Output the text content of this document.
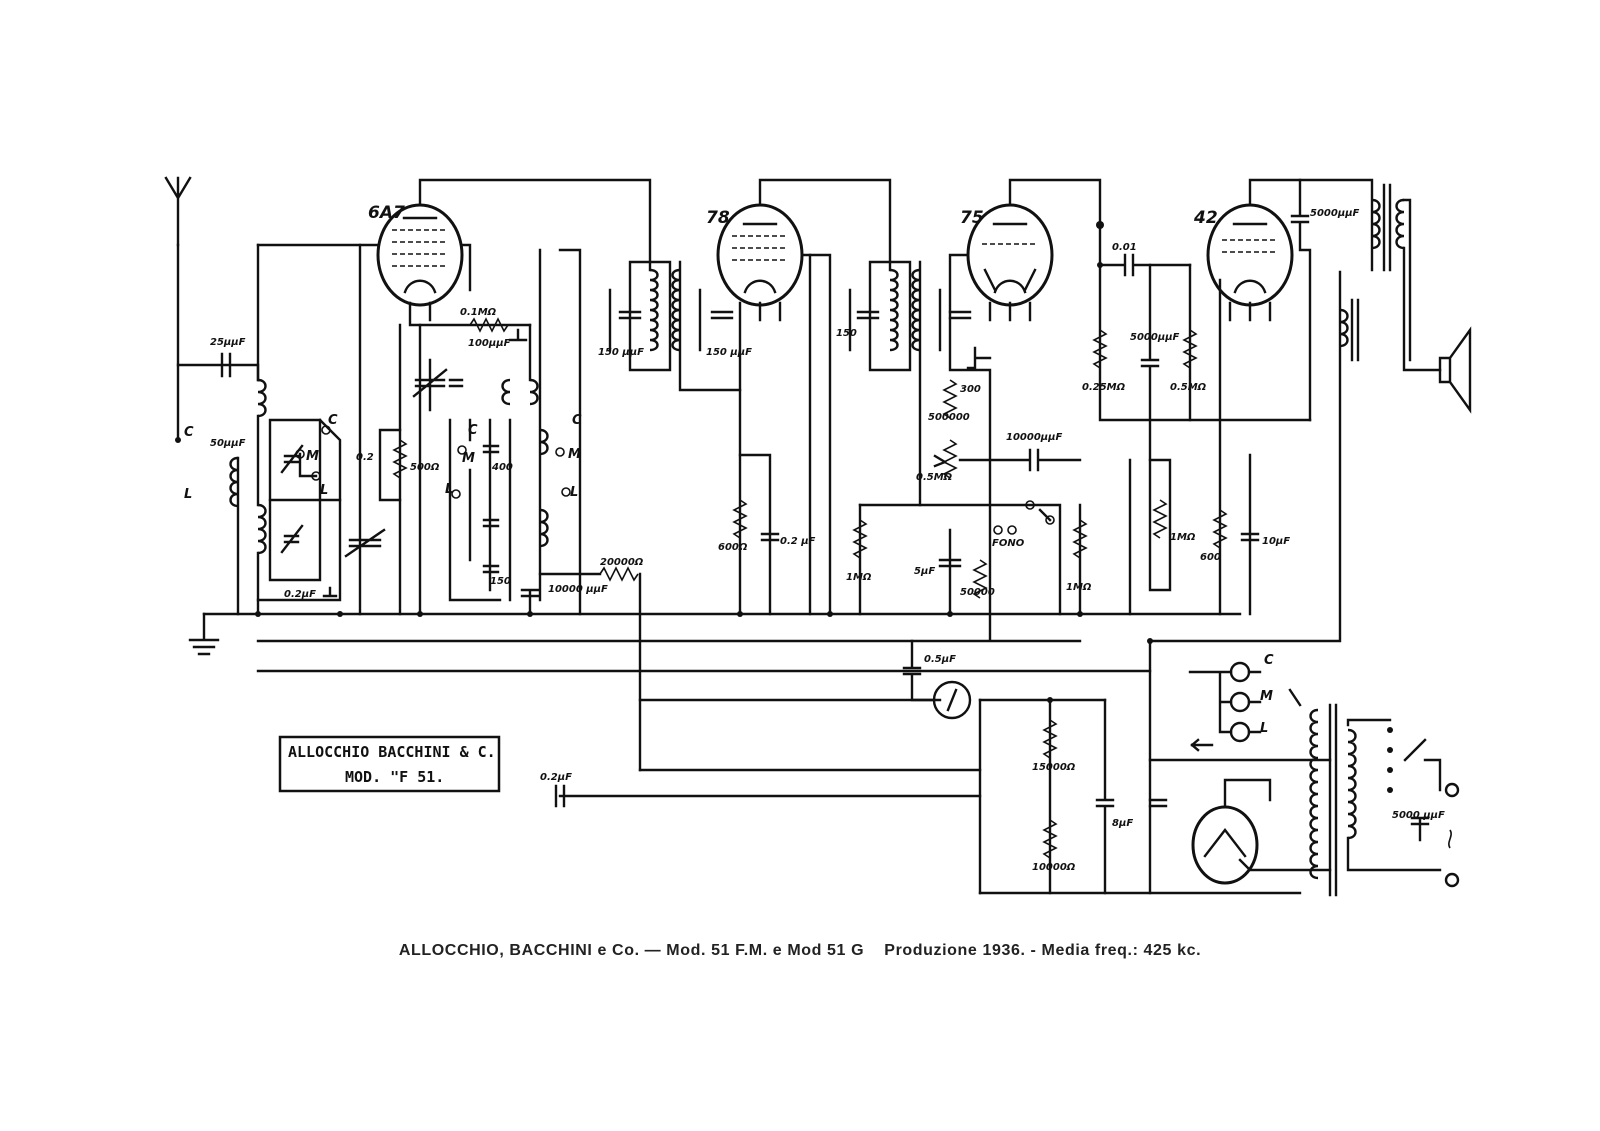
25μμF
50μμF
0.2μF
6A7
0.1MΩ
100μμF
0.2
500Ω	400
150
10000 μμF
20000Ω
C
M
L
C
M
L
C
M
L
C
L
150 μμF	150 μμF
78
600Ω
0.2 μF
150
1MΩ
75
300
500000
0.5MΩ
10000μμF
5μF
50000
FONO
1MΩ
0.01
0.25MΩ
5000μμF
0.5MΩ
1MΩ
42
600
10μF
5000μμF
8μF
15000Ω
10000Ω
0.5μF
5000 μμF
C
M
L
0.2μF
ALLOCCHIO BACCHINI & C.
MOD. "F 51.
ALLOCCHIO, BACCHINI e Co. — Mod. 51 F.M. e Mod 51 G    Produzione 1936. - Media freq.: 425 kc.
